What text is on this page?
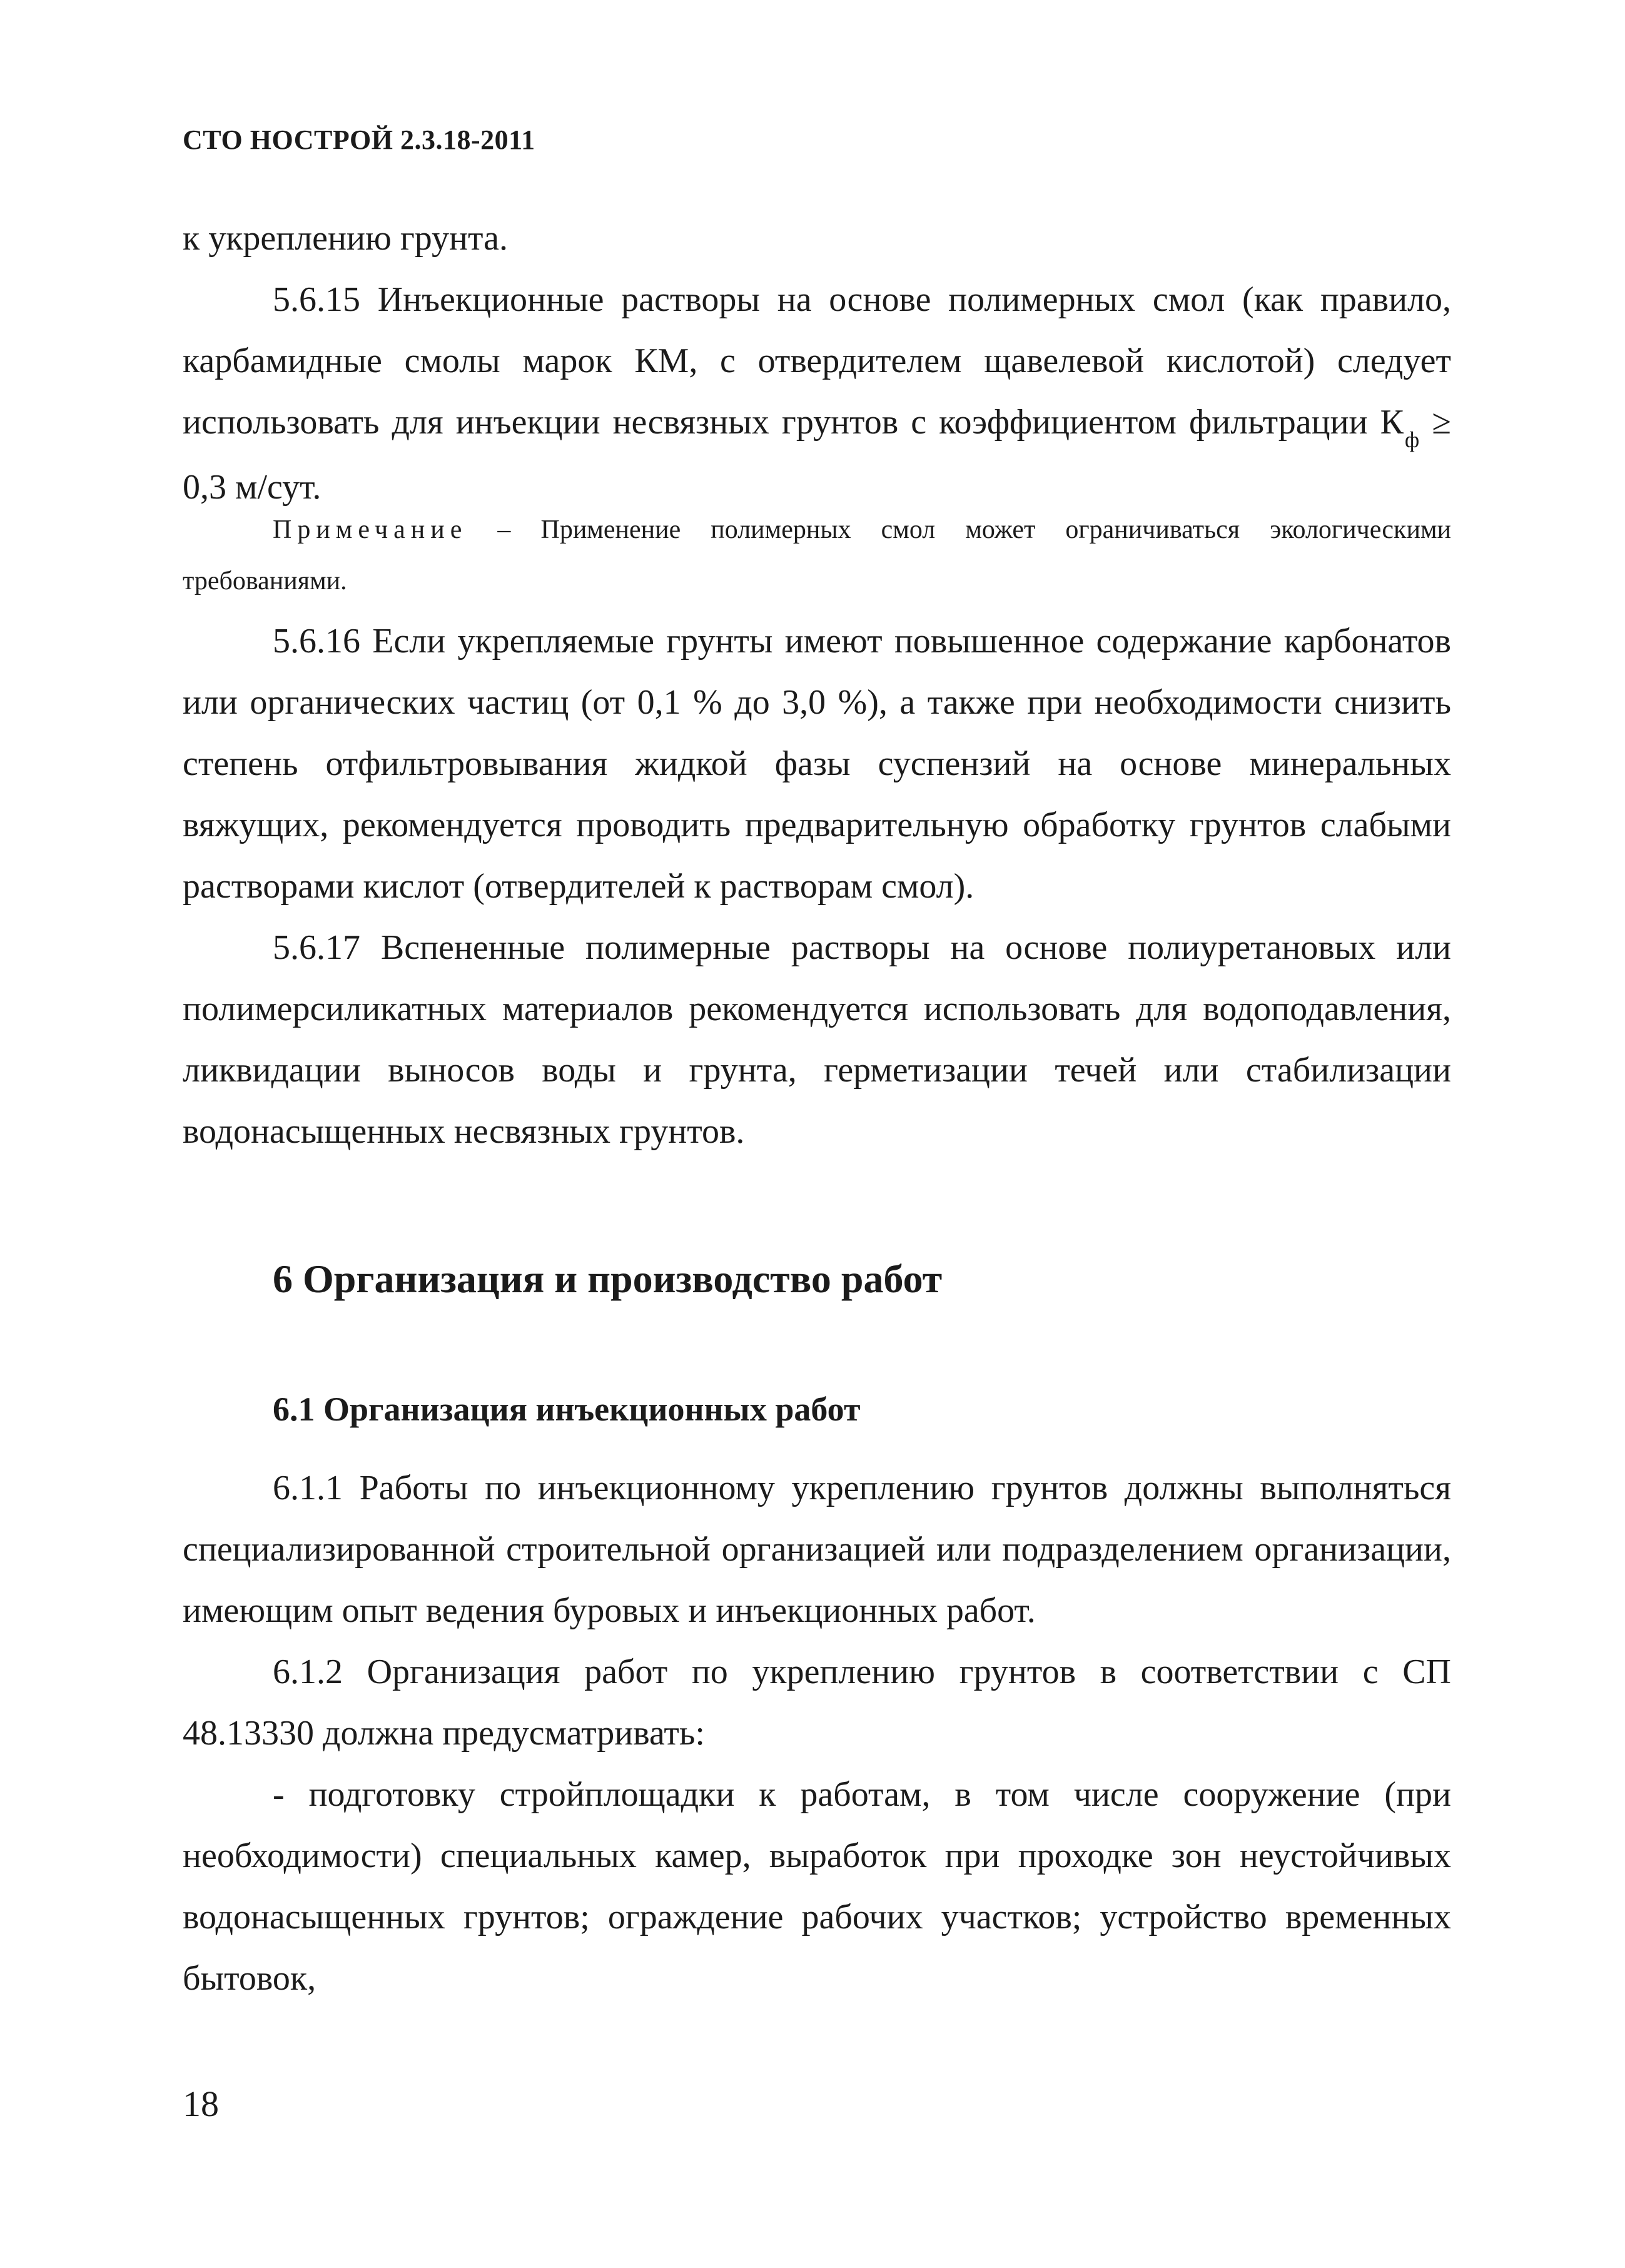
СТО НОСТРОЙ 2.3.18-2011

к укреплению грунта.

5.6.15 Инъекционные растворы на основе полимерных смол (как правило, карбамидные смолы марок КМ, с отвердителем щавелевой кислотой) следует использовать для инъекции несвязных грунтов с коэффициентом фильтрации $К_ф \ge 0,3$ м/сут.

Примечание – Применение полимерных смол может ограничиваться экологическими требованиями.

5.6.16 Если укрепляемые грунты имеют повышенное содержание карбонатов или органических частиц (от 0,1 % до 3,0 %), а также при необходимости снизить степень отфильтровывания жидкой фазы суспензий на основе минеральных вяжущих, рекомендуется проводить предварительную обработку грунтов слабыми растворами кислот (отвердителей к растворам смол).

5.6.17 Вспененные полимерные растворы на основе полиуретановых или полимерсиликатных материалов рекомендуется использовать для водоподавления, ликвидации выносов воды и грунта, герметизации течей или стабилизации водонасыщенных несвязных грунтов.

6 Организация и производство работ
6.1 Организация инъекционных работ

6.1.1 Работы по инъекционному укреплению грунтов должны выполняться специализированной строительной организацией или подразделением организации, имеющим опыт ведения буровых и инъекционных работ.

6.1.2 Организация работ по укреплению грунтов в соответствии с СП 48.13330 должна предусматривать:

- подготовку стройплощадки к работам, в том числе сооружение (при необходимости) специальных камер, выработок при проходке зон неустойчивых водонасыщенных грунтов; ограждение рабочих участков; устройство временных бытовок,

18
